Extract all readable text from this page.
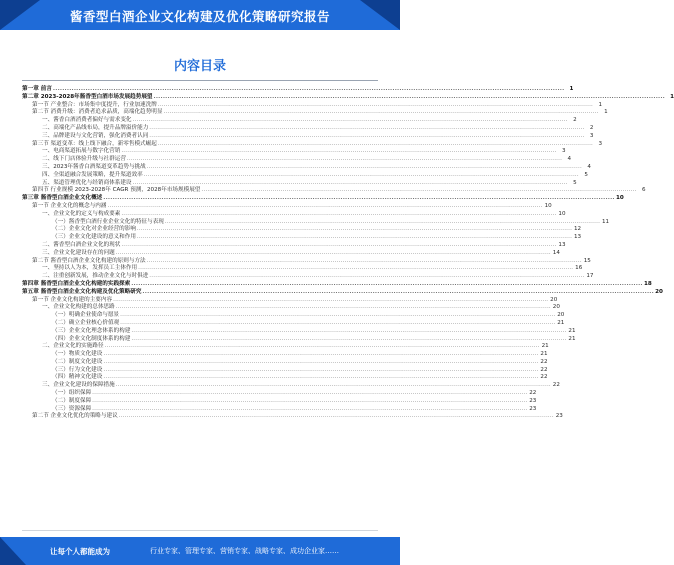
酱香型白酒企业文化构建及优化策略研究报告
内容目录
第一章 前言 ............................................................................................................................................................................................................................ 1
第二章 2023-2028年酱香型白酒市场发展趋势展望 ............................................................................................................................................................................................................................ 1
第一节 产业整合：市场集中度提升，行业加速洗牌 ............................................................................................................................................................................................................................ 1
第二节 消费升级：消费者追求品质，高端化趋势明显 ............................................................................................................................................................................................................................ 1
一、酱香白酒消费者偏好与需求变化 ............................................................................................................................................................................................................................ 2
二、高端化产品线布局，提升品牌溢价能力 ............................................................................................................................................................................................................................ 2
三、品牌建设与文化营销，强化消费者认同 ............................................................................................................................................................................................................................ 3
第三节 渠道变革：线上线下融合，新零售模式崛起 ............................................................................................................................................................................................................................ 3
一、电商渠道拓展与数字化营销 ............................................................................................................................................................................................................................ 3
二、线下门店体验升级与社群运营 ............................................................................................................................................................................................................................ 4
三、2023年酱香白酒渠道变革趋势与挑战 ............................................................................................................................................................................................................................ 4
四、全渠道融合发展策略，提升渠道效率 ............................................................................................................................................................................................................................ 5
五、渠道管理优化与经销商体系建设 ............................................................................................................................................................................................................................ 5
第四节 行业规模 2023-2028年 CAGR 预测，2028年市场规模展望 ............................................................................................................................................................................................................................ 6
第三章 酱香型白酒企业文化概述 ............................................................................................................................................................................................................................ 10
第一节 企业文化的概念与内涵 ............................................................................................................................................................................................................................ 10
一、企业文化的定义与构成要素 ............................................................................................................................................................................................................................ 10
（一）酱香型白酒行业企业文化的特征与表现 ............................................................................................................................................................................................................................ 11
（二）企业文化对企业经营的影响 ............................................................................................................................................................................................................................ 12
（三）企业文化建设的意义和作用 ............................................................................................................................................................................................................................ 13
二、酱香型白酒企业文化的现状 ............................................................................................................................................................................................................................ 13
三、企业文化建设存在的问题 ............................................................................................................................................................................................................................ 14
第二节 酱香型白酒企业文化构建的原则与方法 ............................................................................................................................................................................................................................ 15
一、坚持以人为本，发挥员工主体作用 ............................................................................................................................................................................................................................ 16
二、注重创新发展，推动企业文化与时俱进 ............................................................................................................................................................................................................................ 17
第四章 酱香型白酒企业文化构建的实践探索 ............................................................................................................................................................................................................................ 18
第五章 酱香型白酒企业文化构建及优化策略研究 ............................................................................................................................................................................................................................ 20
第一节 企业文化构建的主要内容 ............................................................................................................................................................................................................................ 20
一、企业文化构建的总体思路 ............................................................................................................................................................................................................................ 20
（一）明确企业使命与愿景 ............................................................................................................................................................................................................................ 20
（二）确立企业核心价值观 ............................................................................................................................................................................................................................ 21
（三）企业文化理念体系的构建 ............................................................................................................................................................................................................................ 21
（四）企业文化制度体系的构建 ............................................................................................................................................................................................................................ 21
二、企业文化的实施路径 ............................................................................................................................................................................................................................ 21
（一）物质文化建设 ............................................................................................................................................................................................................................ 21
（二）制度文化建设 ............................................................................................................................................................................................................................ 22
（三）行为文化建设 ............................................................................................................................................................................................................................ 22
（四）精神文化建设 ............................................................................................................................................................................................................................ 22
三、企业文化建设的保障措施 ............................................................................................................................................................................................................................ 22
（一）组织保障 ............................................................................................................................................................................................................................ 22
（二）制度保障 ............................................................................................................................................................................................................................ 23
（三）资源保障 ............................................................................................................................................................................................................................ 23
第二节 企业文化优化的策略与建议 ............................................................................................................................................................................................................................ 23
让每个人都能成为	行业专家、管理专家、营销专家、战略专家、成功企业家……
